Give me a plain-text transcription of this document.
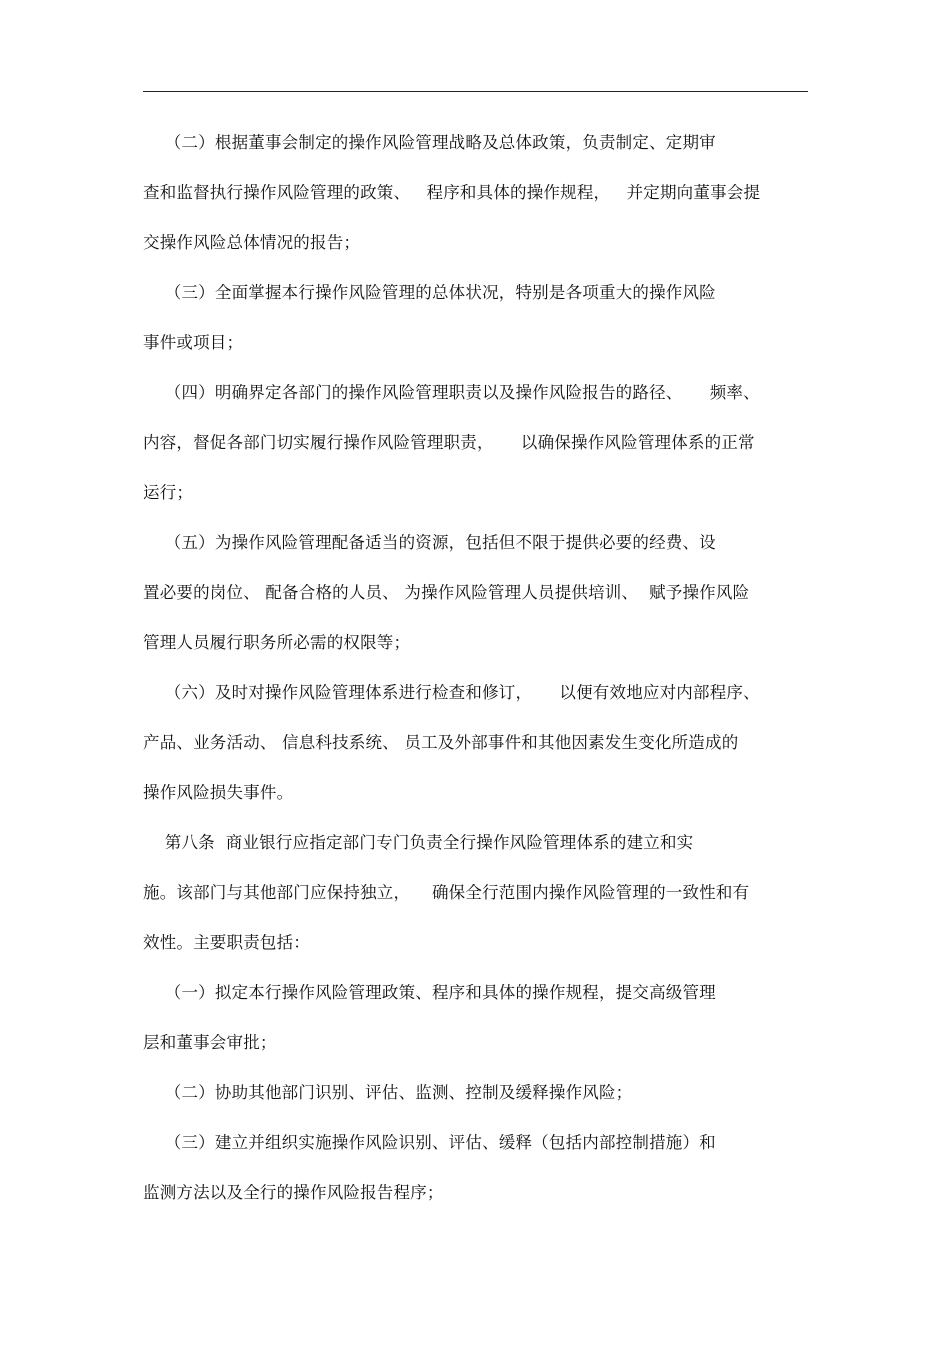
（二）根据董事会制定的操作风险管理战略及总体政策，负责制定、定期审
查和监督执行操作风险管理的政策、   程序和具体的操作规程，   并定期向董事会提
交操作风险总体情况的报告；
（三）全面掌握本行操作风险管理的总体状况，特别是各项重大的操作风险
事件或项目；
（四）明确界定各部门的操作风险管理职责以及操作风险报告的路径、     频率、
内容，督促各部门切实履行操作风险管理职责，     以确保操作风险管理体系的正常
运行；
（五）为操作风险管理配备适当的资源，包括但不限于提供必要的经费、设
置必要的岗位、 配备合格的人员、 为操作风险管理人员提供培训、  赋予操作风险
管理人员履行职务所必需的权限等；
（六）及时对操作风险管理体系进行检查和修订，     以便有效地应对内部程序、
产品、业务活动、 信息科技系统、 员工及外部事件和其他因素发生变化所造成的
操作风险损失事件。
第八条  商业银行应指定部门专门负责全行操作风险管理体系的建立和实
施。该部门与其他部门应保持独立，    确保全行范围内操作风险管理的一致性和有
效性。主要职责包括：
（一）拟定本行操作风险管理政策、程序和具体的操作规程，提交高级管理
层和董事会审批；
（二）协助其他部门识别、评估、监测、控制及缓释操作风险；
（三）建立并组织实施操作风险识别、评估、缓释（包括内部控制措施）和
监测方法以及全行的操作风险报告程序；
